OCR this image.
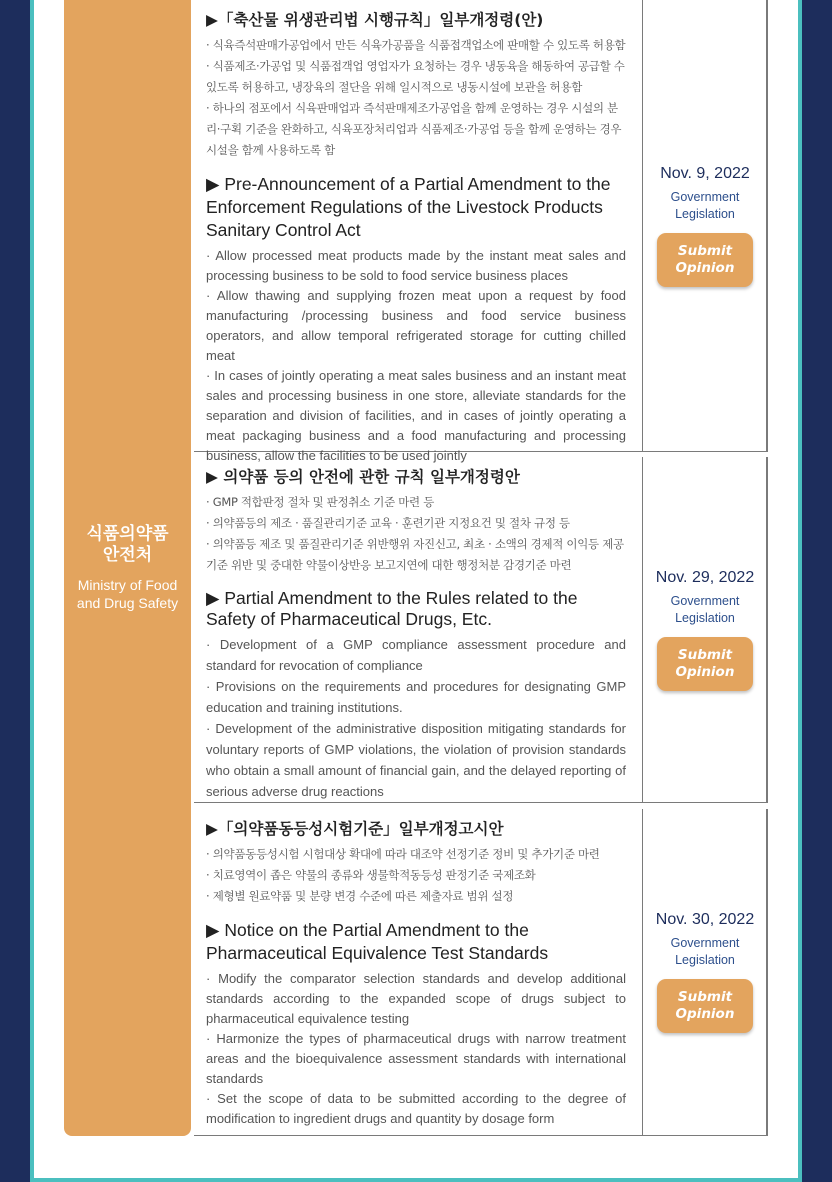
식품의약품 안전처
Ministry of Food and Drug Safety

▶「축산물 위생관리법 시행규칙」일부개정령(안)

· 식육즉석판매가공업에서 만든 식육가공품을 식품접객업소에 판매할 수 있도록 허용함

· 식품제조·가공업 및 식품접객업 영업자가 요청하는 경우 냉동육을 해동하여 공급할 수 있도록 허용하고, 냉장육의 절단을 위해 일시적으로 냉동시설에 보관을 허용함

· 하나의 점포에서 식육판매업과 즉석판매제조가공업을 함께 운영하는 경우 시설의 분리·구획 기준을 완화하고, 식육포장처리업과 식품제조·가공업 등을 함께 운영하는 경우 시설을 함께 사용하도록 함

▶ Pre-Announcement of a Partial Amendment to the Enforcement Regulations of the Livestock Products Sanitary Control Act

· Allow processed meat products made by the instant meat sales and processing business to be sold to food service business places

· Allow thawing and supplying frozen meat upon a request by food manufacturing /processing business and food service business operators, and allow temporal refrigerated storage for cutting chilled meat

· In cases of jointly operating a meat sales business and an instant meat sales and processing business in one store, alleviate standards for the separation and division of facilities, and in cases of jointly operating a meat packaging business and a food manufacturing and processing business, allow the facilities to be used jointly

Nov. 9, 2022
Government Legislation
Submit Opinion

▶ 의약품 등의 안전에 관한 규칙 일부개정령안

· GMP 적합판정 절차 및 판정취소 기준 마련 등

· 의약품등의 제조 · 품질관리기준 교육 · 훈련기관 지정요건 및 절차 규정 등

· 의약품등 제조 및 품질관리기준 위반행위 자진신고, 최초 · 소액의 경제적 이익등 제공기준 위반 및 중대한 약물이상반응 보고지연에 대한 행정처분 감경기준 마련

▶ Partial Amendment to the Rules related to the Safety of Pharmaceutical Drugs, Etc.

· Development of a GMP compliance assessment procedure and standard for revocation of compliance

· Provisions on the requirements and procedures for designating GMP education and training institutions.

· Development of the administrative disposition mitigating standards for voluntary reports of GMP violations, the violation of provision standards who obtain a small amount of financial gain, and the delayed reporting of serious adverse drug reactions

Nov. 29, 2022
Government Legislation
Submit Opinion

▶「의약품동등성시험기준」일부개정고시안

· 의약품동등성시험 시험대상 확대에 따라 대조약 선정기준 정비 및 추가기준 마련

· 치료영역이 좁은 약물의 종류와 생물학적동등성 판정기준 국제조화

· 제형별 원료약품 및 분량 변경 수준에 따른 제출자료 범위 설정

▶ Notice on the Partial Amendment to the Pharmaceutical Equivalence Test Standards

· Modify the comparator selection standards and develop additional standards according to the expanded scope of drugs subject to pharmaceutical equivalence testing

· Harmonize the types of pharmaceutical drugs with narrow treatment areas and the bioequivalence assessment standards with international standards

· Set the scope of data to be submitted according to the degree of modification to ingredient drugs and quantity by dosage form

Nov. 30, 2022
Government Legislation
Submit Opinion
